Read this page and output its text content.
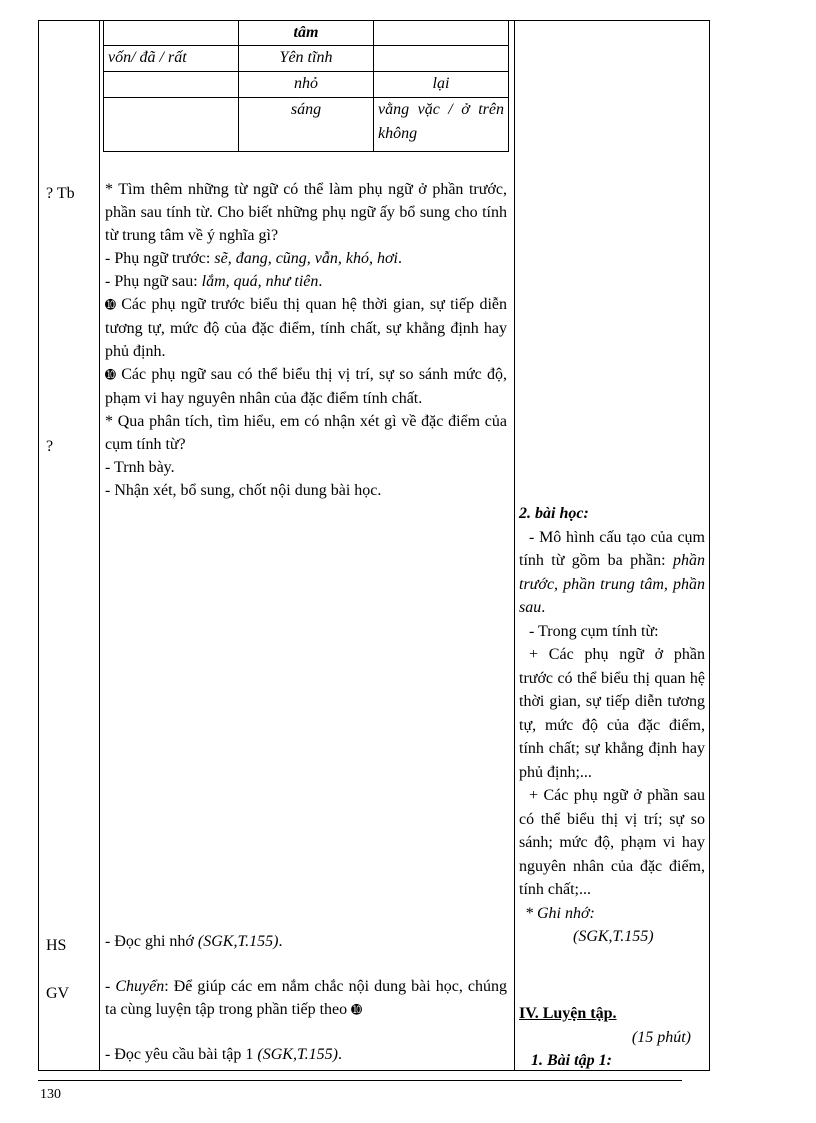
	tâm	
vốn/ đã / rất	Yên tĩnh	
	nhỏ	lại
	sáng	vằng vặc / ở trên không
? Tb
?
HS
GV

* Tìm thêm những từ ngữ có thể làm phụ ngữ ở phần trước, phần sau tính từ. Cho biết những phụ ngữ ấy bổ sung cho tính từ trung tâm về ý nghĩa gì?

- Phụ ngữ trước: sẽ, đang, cũng, vẫn, khó, hơi.

- Phụ ngữ sau: lắm, quá, như tiên.

➓ Các phụ ngữ trước biểu thị quan hệ thời gian, sự tiếp diễn tương tự, mức độ của đặc điểm, tính chất, sự khẳng định hay phủ định.

➓ Các phụ ngữ sau có thể biểu thị vị trí, sự so sánh mức độ, phạm vi hay nguyên nhân của đặc điểm tính chất.

* Qua phân tích, tìm hiểu, em có nhận xét gì về đặc điểm của cụm tính từ?

- Trnh bày.

- Nhận xét, bổ sung, chốt nội dung bài học.

- Đọc ghi nhớ (SGK,T.155).

- Chuyển: Để giúp các em nắm chắc nội dung bài học, chúng ta cùng luyện tập trong phần tiếp theo ➓

- Đọc yêu cầu bài tập 1 (SGK,T.155).

2. bài học:

- Mô hình cấu tạo của cụm tính từ gồm ba phần: phần trước, phần trung tâm, phần sau.

- Trong cụm tính từ:

+ Các phụ ngữ ở phần trước có thể biểu thị quan hệ thời gian, sự tiếp diễn tương tự, mức độ của đặc điểm, tính chất; sự khẳng định hay phủ định;...

+ Các phụ ngữ ở phần sau có thể biểu thị vị trí; sự so sánh; mức độ, phạm vi hay nguyên nhân của đặc điểm, tính chất;...

* Ghi nhớ:

(SGK,T.155)

IV. Luyện tập.

(15 phút)

1. Bài tập 1:

130
